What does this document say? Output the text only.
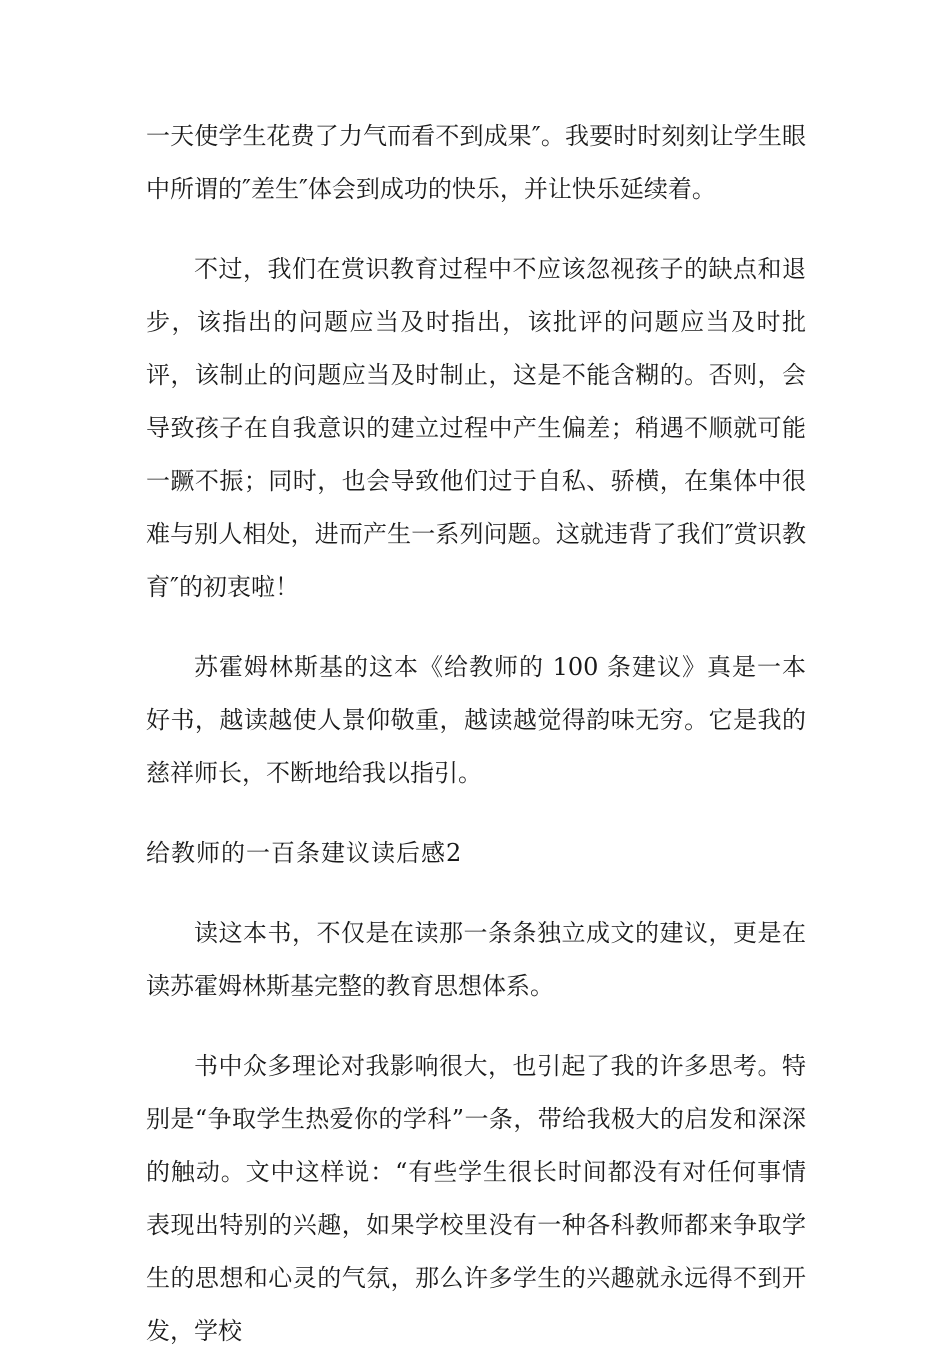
一天使学生花费了力气而看不到成果″。我要时时刻刻让学生眼中所谓的″差生″体会到成功的快乐，并让快乐延续着。

不过，我们在赏识教育过程中不应该忽视孩子的缺点和退步，该指出的问题应当及时指出，该批评的问题应当及时批评，该制止的问题应当及时制止，这是不能含糊的。否则，会导致孩子在自我意识的建立过程中产生偏差；稍遇不顺就可能一蹶不振；同时，也会导致他们过于自私、骄横，在集体中很难与别人相处，进而产生一系列问题。这就违背了我们″赏识教育″的初衷啦！

苏霍姆林斯基的这本《给教师的 100 条建议》真是一本好书，越读越使人景仰敬重，越读越觉得韵味无穷。它是我的慈祥师长，不断地给我以指引。

给教师的一百条建议读后感2

读这本书，不仅是在读那一条条独立成文的建议，更是在读苏霍姆林斯基完整的教育思想体系。

书中众多理论对我影响很大，也引起了我的许多思考。特别是“争取学生热爱你的学科”一条，带给我极大的启发和深深的触动。文中这样说：“有些学生很长时间都没有对任何事情表现出特别的兴趣，如果学校里没有一种各科教师都来争取学生的思想和心灵的气氛，那么许多学生的兴趣就永远得不到开发，学校
